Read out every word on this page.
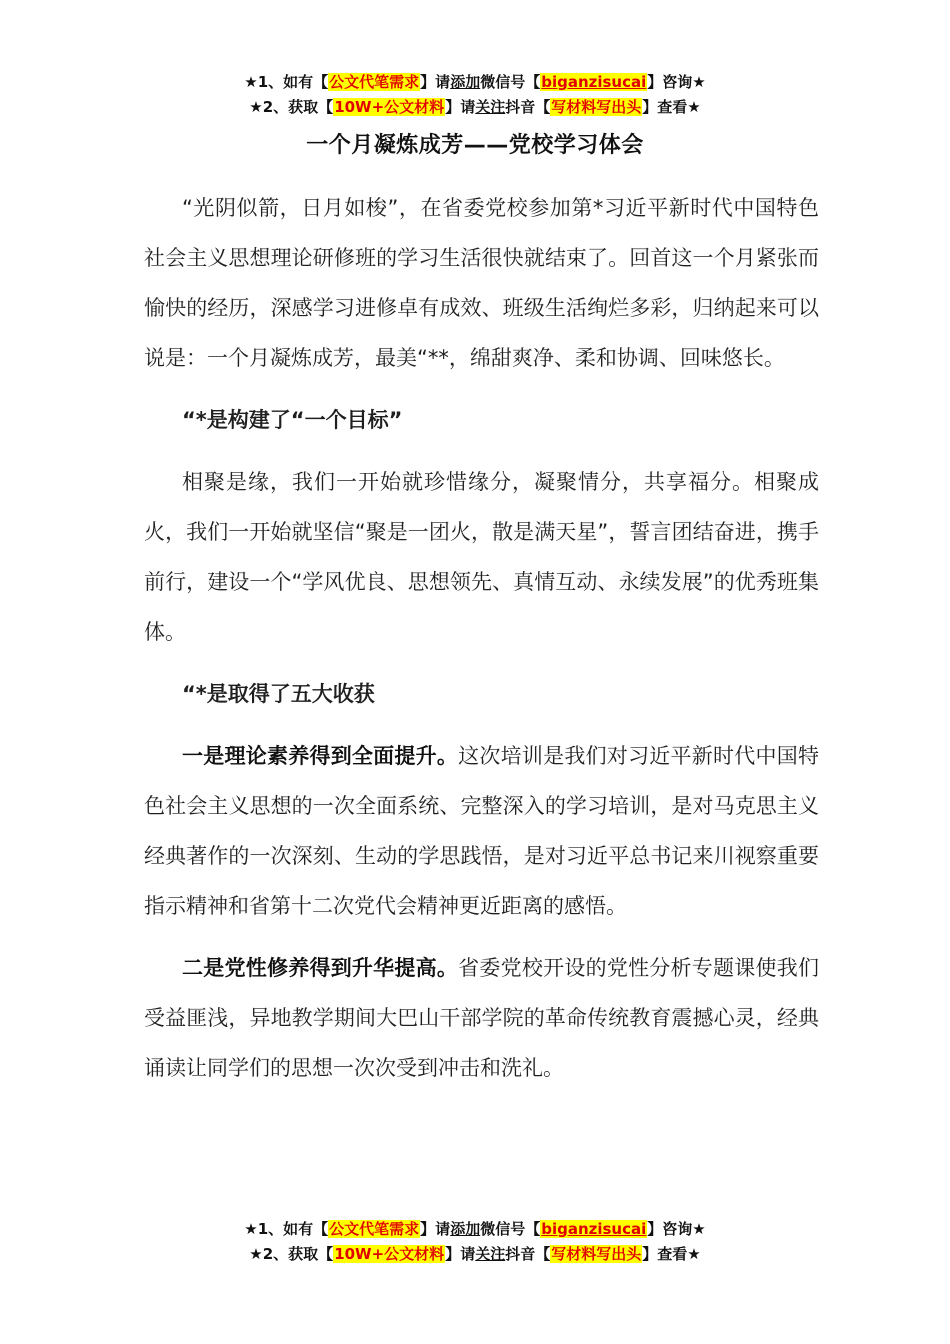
★1、如有【公文代笔需求】请添加微信号【biganzisucai】咨询★
★2、获取【10W+公文材料】请关注抖音【写材料写出头】查看★
一个月凝炼成芳——党校学习体会

“光阴似箭，日月如梭”，在省委党校参加第*习近平新时代中国特色社会主义思想理论研修班的学习生活很快就结束了。回首这一个月紧张而愉快的经历，深感学习进修卓有成效、班级生活绚烂多彩，归纳起来可以说是：一个月凝炼成芳，最美“**，绵甜爽净、柔和协调、回味悠长。

“*是构建了“一个目标”

相聚是缘，我们一开始就珍惜缘分，凝聚情分，共享福分。相聚成火，我们一开始就坚信“聚是一团火，散是满天星”，誓言团结奋进，携手前行，建设一个“学风优良、思想领先、真情互动、永续发展”的优秀班集体。

“*是取得了五大收获

一是理论素养得到全面提升。这次培训是我们对习近平新时代中国特色社会主义思想的一次全面系统、完整深入的学习培训，是对马克思主义经典著作的一次深刻、生动的学思践悟，是对习近平总书记来川视察重要指示精神和省第十二次党代会精神更近距离的感悟。

二是党性修养得到升华提高。省委党校开设的党性分析专题课使我们受益匪浅，异地教学期间大巴山干部学院的革命传统教育震撼心灵，经典诵读让同学们的思想一次次受到冲击和洗礼。

★1、如有【公文代笔需求】请添加微信号【biganzisucai】咨询★
★2、获取【10W+公文材料】请关注抖音【写材料写出头】查看★
